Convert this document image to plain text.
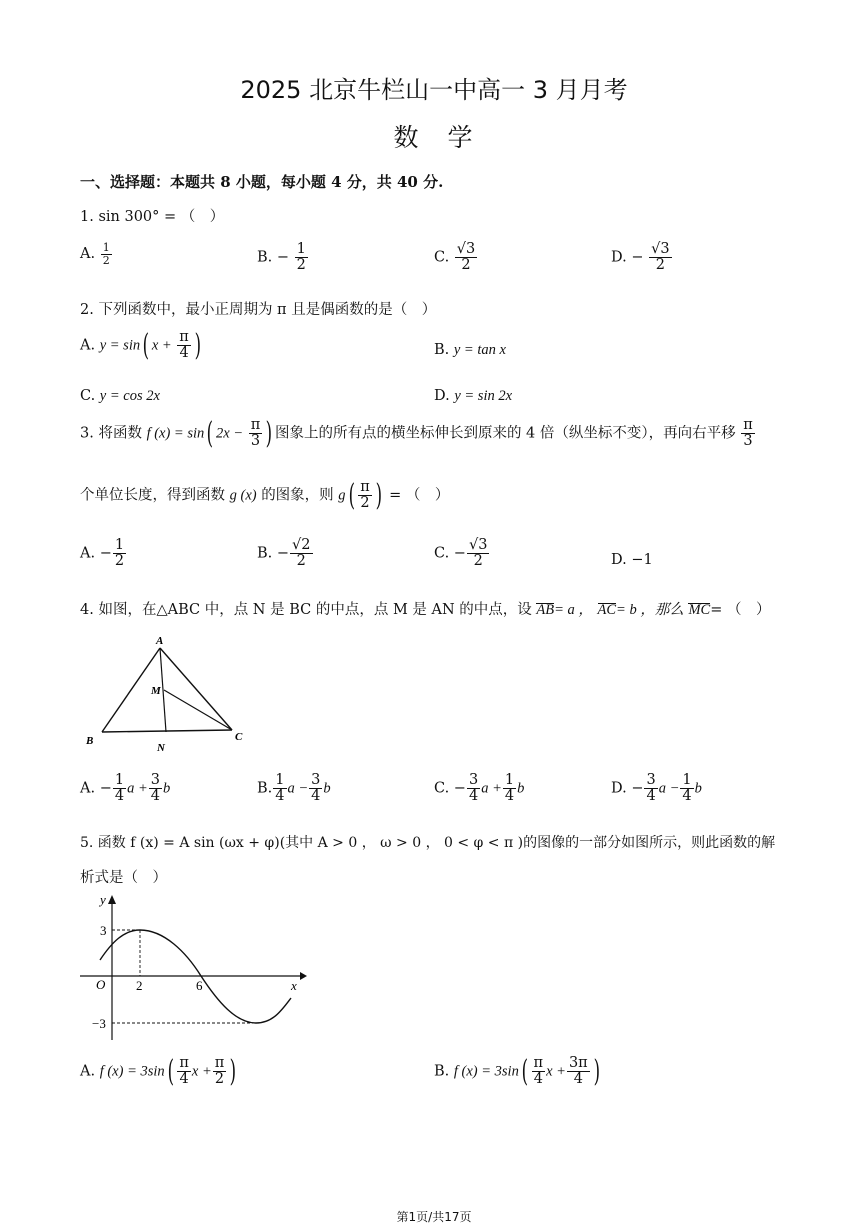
2025 北京牛栏山一中高一 3 月月考
数　学
一、选择题：本题共 8 小题，每小题 4 分，共 40 分.
1. sin 300° = （　）
A. $\frac{1}{2}$	B. − $\frac{1}{2}$	C. $\frac{√3}{2}$	D. − $\frac{√3}{2}$
2. 下列函数中，最小正周期为 π 且是偶函数的是（　）
A. y = sin( $x + \frac{\pi}{4}$ )	B. y = tan x
C. y = cos 2x	D. y = sin 2x
3. 将函数 f (x) = sin( $2x - \frac{\pi}{3}$ ) 图象上的所有点的横坐标伸长到原来的 4 倍（纵坐标不变），再向右平移 $\frac{\pi}{3}$
个单位长度，得到函数 g (x) 的图象，则 $g( \frac{\pi}{2}$ ) = （　）
A. − $\frac{1}{2}$	B. − $\frac{√2}{2}$	C. − $\frac{√3}{2}$	D. −1
4. 如图，在△ABC 中，点 N 是 BC 的中点，点 M 是 AN 的中点，设 AB= a ， AC= b ，那么 MC= （　）
A
B	C
M
N
A. − $\frac{1}{4}$ $a + \frac{3}{4}$ b	B. $\frac{1}{4}$ $a - \frac{3}{4}$ b	C. − $\frac{3}{4}$ $a + \frac{1}{4}$ b	D. − $\frac{3}{4}$ $a - \frac{1}{4}$ b
5. 函数 f (x) = A sin (ωx + φ)(其中 A > 0 ， ω > 0 ， 0 < φ < π )的图像的一部分如图所示，则此函数的解
析式是（　）
y
x
O
3
−3
2	6
A. f $(x) = 3\sin( \frac{\pi}{4}$ $x + \frac{\pi}{2}$ )	B. f $(x) = 3\sin( \frac{\pi}{4}$ $x + \frac{3\pi}{4}$ )
第1页/共17页
